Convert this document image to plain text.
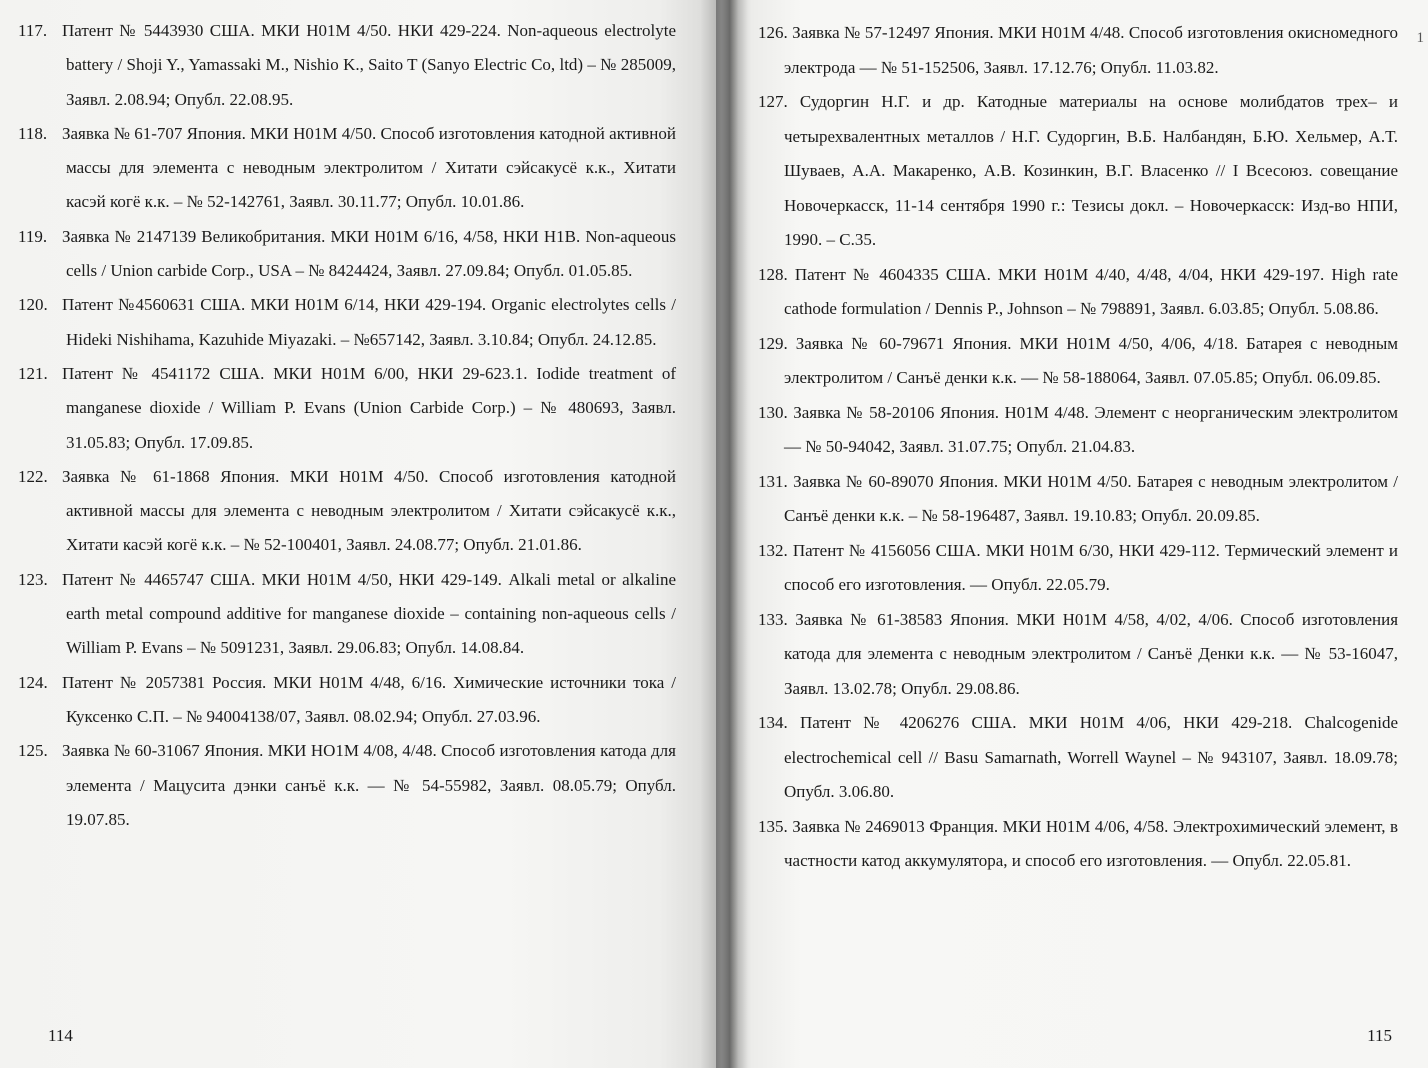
117. Патент № 5443930 США. МКИ Н01М 4/50. НКИ 429-224. Non-aqueous electrolyte battery / Shoji Y., Yamassaki M., Nishio K., Saito T (Sanyo Electric Co, ltd) – № 285009, Заявл. 2.08.94; Опубл. 22.08.95.
118. Заявка № 61-707 Япония. МКИ Н01М 4/50. Способ изготовления катодной активной массы для элемента с неводным электролитом / Хитати сэйсакусё к.к., Хитати касэй когё к.к. – № 52-142761, Заявл. 30.11.77; Опубл. 10.01.86.
119. Заявка № 2147139 Великобритания. МКИ Н01М 6/16, 4/58, НКИ Н1В. Non-aqueous cells / Union carbide Corp., USA – № 8424424, Заявл. 27.09.84; Опубл. 01.05.85.
120. Патент №4560631 США. МКИ Н01М 6/14, НКИ 429-194. Organic electrolytes cells / Hideki Nishihama, Kazuhide Miyazaki. – №657142, Заявл. 3.10.84; Опубл. 24.12.85.
121. Патент № 4541172 США. МКИ Н01М 6/00, НКИ 29-623.1. Iodide treatment of manganese dioxide / William P. Evans (Union Carbide Corp.) – № 480693, Заявл. 31.05.83; Опубл. 17.09.85.
122. Заявка № 61-1868 Япония. МКИ Н01М 4/50. Способ изготовления катодной активной массы для элемента с неводным электролитом / Хитати сэйсакусё к.к., Хитати касэй когё к.к. – № 52-100401, Заявл. 24.08.77; Опубл. 21.01.86.
123. Патент № 4465747 США. МКИ Н01М 4/50, НКИ 429-149. Alkali metal or alkaline earth metal compound additive for manganese dioxide – containing non-aqueous cells / William P. Evans – № 5091231, Заявл. 29.06.83; Опубл. 14.08.84.
124. Патент № 2057381 Россия. МКИ Н01М 4/48, 6/16. Химические источники тока / Куксенко С.П. – № 94004138/07, Заявл. 08.02.94; Опубл. 27.03.96.
125. Заявка № 60-31067 Япония. МКИ НО1М 4/08, 4/48. Способ изготовления катода для элемента / Мацусита дэнки санъё к.к. — № 54-55982, Заявл. 08.05.79; Опубл. 19.07.85.
114
126. Заявка № 57-12497 Япония. МКИ Н01М 4/48. Способ изготовления окисномедного электрода — № 51-152506, Заявл. 17.12.76; Опубл. 11.03.82.
127. Судоргин Н.Г. и др. Катодные материалы на основе молибдатов трех– и четырехвалентных металлов / Н.Г. Судоргин, В.Б. Налбандян, Б.Ю. Хельмер, А.Т. Шуваев, А.А. Макаренко, А.В. Козинкин, В.Г. Власенко // I Всесоюз. совещание Новочеркасск, 11-14 сентября 1990 г.: Тезисы докл. – Новочеркасск: Изд-во НПИ, 1990. – С.35.
128. Патент № 4604335 США. МКИ Н01М 4/40, 4/48, 4/04, НКИ 429-197. High rate cathode formulation / Dennis P., Johnson – № 798891, Заявл. 6.03.85; Опубл. 5.08.86.
129. Заявка № 60-79671 Япония. МКИ Н01М 4/50, 4/06, 4/18. Батарея с неводным электролитом / Санъё денки к.к. — № 58-188064, Заявл. 07.05.85; Опубл. 06.09.85.
130. Заявка № 58-20106 Япония. Н01М 4/48. Элемент с неорганическим электролитом — № 50-94042, Заявл. 31.07.75; Опубл. 21.04.83.
131. Заявка № 60-89070 Япония. МКИ Н01М 4/50. Батарея с неводным электролитом / Санъё денки к.к. – № 58-196487, Заявл. 19.10.83; Опубл. 20.09.85.
132. Патент № 4156056 США. МКИ Н01М 6/30, НКИ 429-112. Термический элемент и способ его изготовления. — Опубл. 22.05.79.
133. Заявка № 61-38583 Япония. МКИ Н01М 4/58, 4/02, 4/06. Способ изготовления катода для элемента с неводным электролитом / Санъё Денки к.к. — № 53-16047, Заявл. 13.02.78; Опубл. 29.08.86.
134. Патент № 4206276 США. МКИ Н01М 4/06, НКИ 429-218. Chalcogenide electrochemical cell // Basu Samarnath, Worrell Waynel – № 943107, Заявл. 18.09.78; Опубл. 3.06.80.
135. Заявка № 2469013 Франция. МКИ Н01М 4/06, 4/58. Электрохимический элемент, в частности катод аккумулятора, и способ его изготовления. — Опубл. 22.05.81.
1
115
